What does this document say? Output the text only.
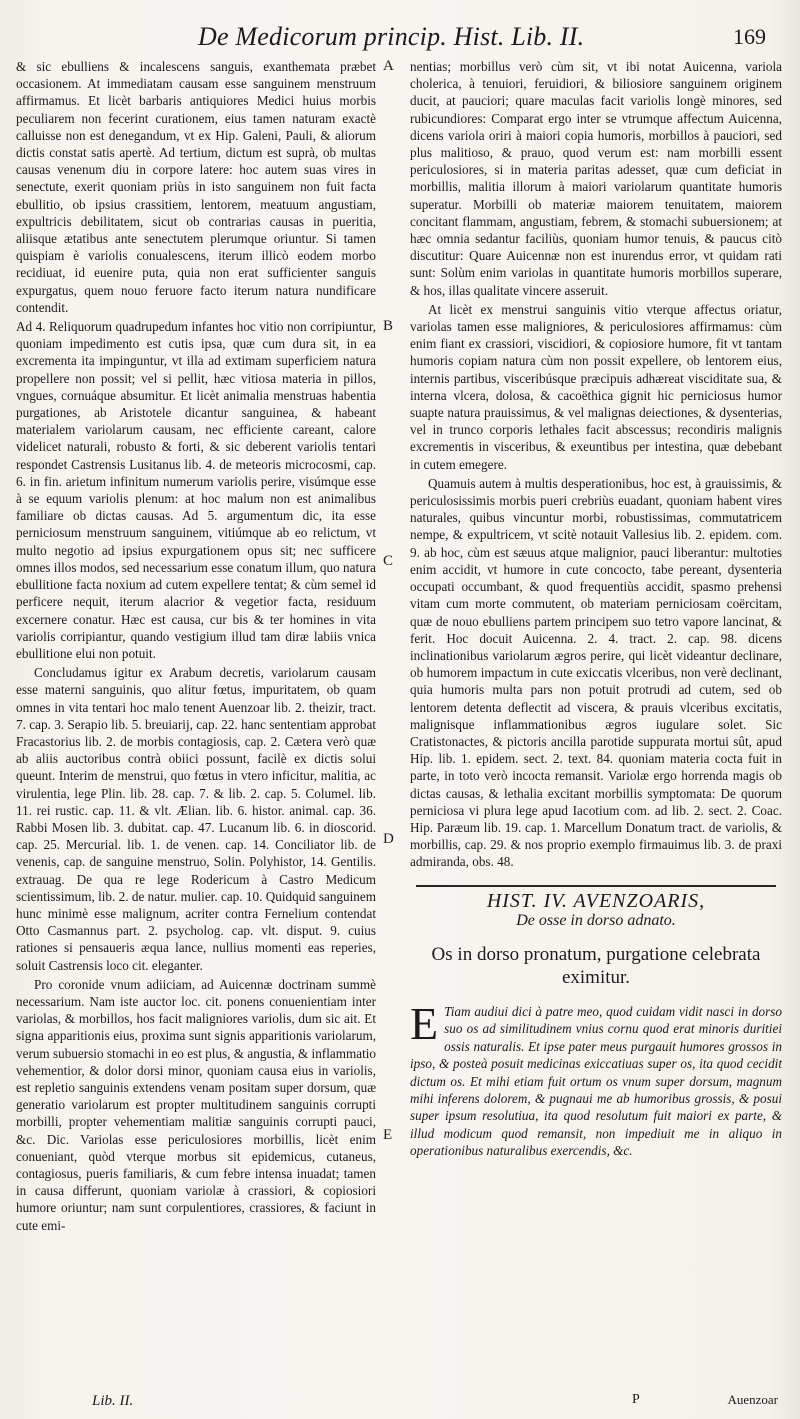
De Medicorum princip. Hist. Lib. II.	169
A
B
C
D
E

& sic ebulliens & incalescens sanguis, exanthemata præbet occasionem. At immediatam causam esse sanguinem menstruum affirmamus. Et licèt barbaris antiquiores Medici huius morbis peculiarem non fecerint curationem, eius tamen naturam exactè calluisse non est denegandum, vt ex Hip. Galeni, Pauli, & aliorum dictis constat satis apertè. Ad tertium, dictum est suprà, ob multas causas venenum diu in corpore latere: hoc autem suas vires in senectute, exerit quoniam priùs in isto sanguinem non fuit facta ebullitio, ob ipsius crassitiem, lentorem, meatuum angustiam, expultricis debilitatem, sicut ob contrarias causas in pueritia, aliisque ætatibus ante senectutem plerumque oriuntur. Si tamen quispiam è variolis conualescens, iterum illicò eodem morbo recidiuat, id euenire puta, quia non erat sufficienter sanguis expurgatus, quem nouo feruore facto iterum natura nundificare contendit.

Ad 4. Reliquorum quadrupedum infantes hoc vitio non corripiuntur, quoniam impedimento est cutis ipsa, quæ cum dura sit, in ea excrementa ita impinguntur, vt illa ad extimam superficiem natura propellere non possit; vel si pellit, hæc vitiosa materia in pillos, vngues, cornuáque absumitur. Et licèt animalia menstruas habentia purgationes, ab Aristotele dicantur sanguinea, & habeant materialem variolarum causam, nec efficiente careant, calore videlicet naturali, robusto & forti, & sic deberent variolis tentari respondet Castrensis Lusitanus lib. 4. de meteoris microcosmi, cap. 6. in fin. arietum infinitum numerum variolis perire, visúmque esse à se equum variolis plenum: at hoc malum non est animalibus familiare ob dictas causas. Ad 5. argumentum dic, ita esse perniciosum menstruum sanguinem, vitiúmque ab eo relictum, vt multo negotio ad ipsius expurgationem opus sit; nec sufficere omnes illos modos, sed necessarium esse conatum illum, quo natura ebullitione facta noxium ad cutem expellere tentat; & cùm semel id perficere nequit, iterum alacrior & vegetior facta, residuum excernere conatur. Hæc est causa, cur bis & ter homines in vita variolis corripiantur, quando vestigium illud tam diræ labiis vnica ebullitione elui non potuit.

Concludamus igitur ex Arabum decretis, variolarum causam esse materni sanguinis, quo alitur fœtus, impuritatem, ob quam omnes in vita tentari hoc malo tenent Auenzoar lib. 2. theizir, tract. 7. cap. 3. Serapio lib. 5. breuiarij, cap. 22. hanc sententiam approbat Fracastorius lib. 2. de morbis contagiosis, cap. 2. Cætera verò quæ ab aliis auctoribus contrà obiici possunt, facilè ex dictis solui queunt. Interim de menstrui, quo fœtus in vtero inficitur, malitia, ac virulentia, lege Plin. lib. 28. cap. 7. & lib. 2. cap. 5. Columel. lib. 11. rei rustic. cap. 11. & vlt. Ælian. lib. 6. histor. animal. cap. 36. Rabbi Mosen lib. 3. dubitat. cap. 47. Lucanum lib. 6. in dioscorid. cap. 25. Mercurial. lib. 1. de venen. cap. 14. Conciliator lib. de venenis, cap. de sanguine menstruo, Solin. Polyhistor, 14. Gentilis. extrauag. De qua re lege Rodericum à Castro Medicum scientissimum, lib. 2. de natur. mulier. cap. 10. Quidquid sanguinem hunc minimè esse malignum, acriter contra Fernelium contendat Otto Casmannus part. 2. psycholog. cap. vlt. disput. 9. cuius rationes si pensaueris æqua lance, nullius momenti eas reperies, soluit Castrensis loco cit. eleganter.

Pro coronide vnum adiiciam, ad Auicennæ doctrinam summè necessarium. Nam iste auctor loc. cit. ponens conuenientiam inter variolas, & morbillos, hos facit maligniores variolis, dum sic ait. Et signa apparitionis eius, proxima sunt signis apparitionis variolarum, verum subuersio stomachi in eo est plus, & angustia, & inflammatio vehementior, & dolor dorsi minor, quoniam causa eius in variolis, est repletio sanguinis extendens venam positam super dorsum, quæ generatio variolarum est propter multitudinem sanguinis corrupti morbilli, propter vehementiam malitiæ sanguinis corrupti pauci, &c. Dic. Variolas esse periculosiores morbillis, licèt enim conueniant, quòd vterque morbus sit epidemicus, cutaneus, contagiosus, pueris familiaris, & cum febre intensa inuadat; tamen in causa differunt, quoniam variolæ à crassiori, & copiosiori humore oriuntur; nam sunt corpulentiores, crassiores, & faciunt in cute emi-

nentias; morbillus verò cùm sit, vt ibi notat Auicenna, variola cholerica, à tenuiori, feruidiori, & biliosiore sanguinem originem ducit, at pauciori; quare maculas facit variolis longè minores, sed rubicundiores: Comparat ergo inter se vtrumque affectum Auicenna, dicens variola oriri à maiori copia humoris, morbillos à pauciori, sed plus malitioso, & prauo, quod verum est: nam morbilli essent periculosiores, si in materia paritas adesset, quæ cum deficiat in morbillis, malitia illorum à maiori variolarum quantitate humoris superatur. Morbilli ob materiæ maiorem tenuitatem, maiorem concitant flammam, angustiam, febrem, & stomachi subuersionem; at hæc omnia sedantur faciliùs, quoniam humor tenuis, & paucus citò discutitur: Quare Auicennæ non est inurendus error, vt quidam rati sunt: Solùm enim variolas in quantitate humoris morbillos superare, & hos, illas qualitate vincere asseruit.

At licèt ex menstrui sanguinis vitio vterque affectus oriatur, variolas tamen esse maligniores, & periculosiores affirmamus: cùm enim fiant ex crassiori, viscidiori, & copiosiore humore, fit vt tantam humoris copiam natura cùm non possit expellere, ob lentorem eius, internis partibus, visceribúsque præcipuis adhæreat visciditate sua, & interna vlcera, dolosa, & cacoëthica gignit hic perniciosus humor suapte natura prauissimus, & vel malignas deiectiones, & dysenterias, vel in trunco corporis lethales facit abscessus; recondiris malignis excrementis in visceribus, & exeuntibus per intestina, quæ debebant in cutem emegere.

Quamuis autem à multis desperationibus, hoc est, à grauissimis, & periculosissimis morbis pueri crebriùs euadant, quoniam habent vires naturales, quibus vincuntur morbi, robustissimas, commutatricem nempe, & expultricem, vt scitè notauit Vallesius lib. 2. epidem. com. 9. ab hoc, cùm est sæuus atque malignior, pauci liberantur: multoties enim accidit, vt humore in cute concocto, tabe pereant, dysenteria occupati occumbant, & quod frequentiùs accidit, spasmo prehensi vitam cum morte commutent, ob materiam perniciosam coërcitam, quæ de nouo ebulliens partem principem suo tetro vapore lancinat, & ferit. Hoc docuit Auicenna. 2. 4. tract. 2. cap. 98. dicens inclinationibus variolarum ægros perire, qui licèt videantur declinare, ob humorem impactum in cute exiccatis vlceribus, non verè declinant, quia humoris multa pars non potuit protrudi ad cutem, sed ob lentorem detenta deflectit ad viscera, & prauis vlceribus excitatis, malignisque inflammationibus ægros iugulare solet. Sic Cratistonactes, & pictoris ancilla parotide suppurata mortui sût, apud Hip. lib. 1. epidem. sect. 2. text. 84. quoniam materia cocta fuit in parte, in toto verò incocta remansit. Variolæ ergo horrenda magis ob dictas causas, & lethalia excitant morbillis symptomata: De quorum perniciosa vi plura lege apud Iacotium com. ad lib. 2. sect. 2. Coac. Hip. Paræum lib. 19. cap. 1. Marcellum Donatum tract. de variolis, & morbillis, cap. 29. & nos proprio exemplo firmauimus lib. 3. de praxi admiranda, obs. 48.

HIST. IV. AVENZOARIS,
De osse in dorso adnato.
Os in dorso pronatum, purgatione celebrata eximitur.
E Tiam audiui dici à patre meo, quod cuidam vidit nasci in dorso suo os ad similitudinem vnius cornu quod erat minoris duritiei ossis naturalis. Et ipse pater meus purgauit humores grossos in ipso, & posteà posuit medicinas exiccatiuas super os, ita quod cecidit dictum os. Et mihi etiam fuit ortum os vnum super dorsum, magnum mihi inferens dolorem, & pugnaui me ab humoribus grossis, & posui super ipsum resolutiua, ita quod resolutum fuit maiori ex parte, & illud modicum quod remansit, non impediuit me in aliquo in operationibus naturalibus exercendis, &c.
Lib. II.	P	Auenzoar
